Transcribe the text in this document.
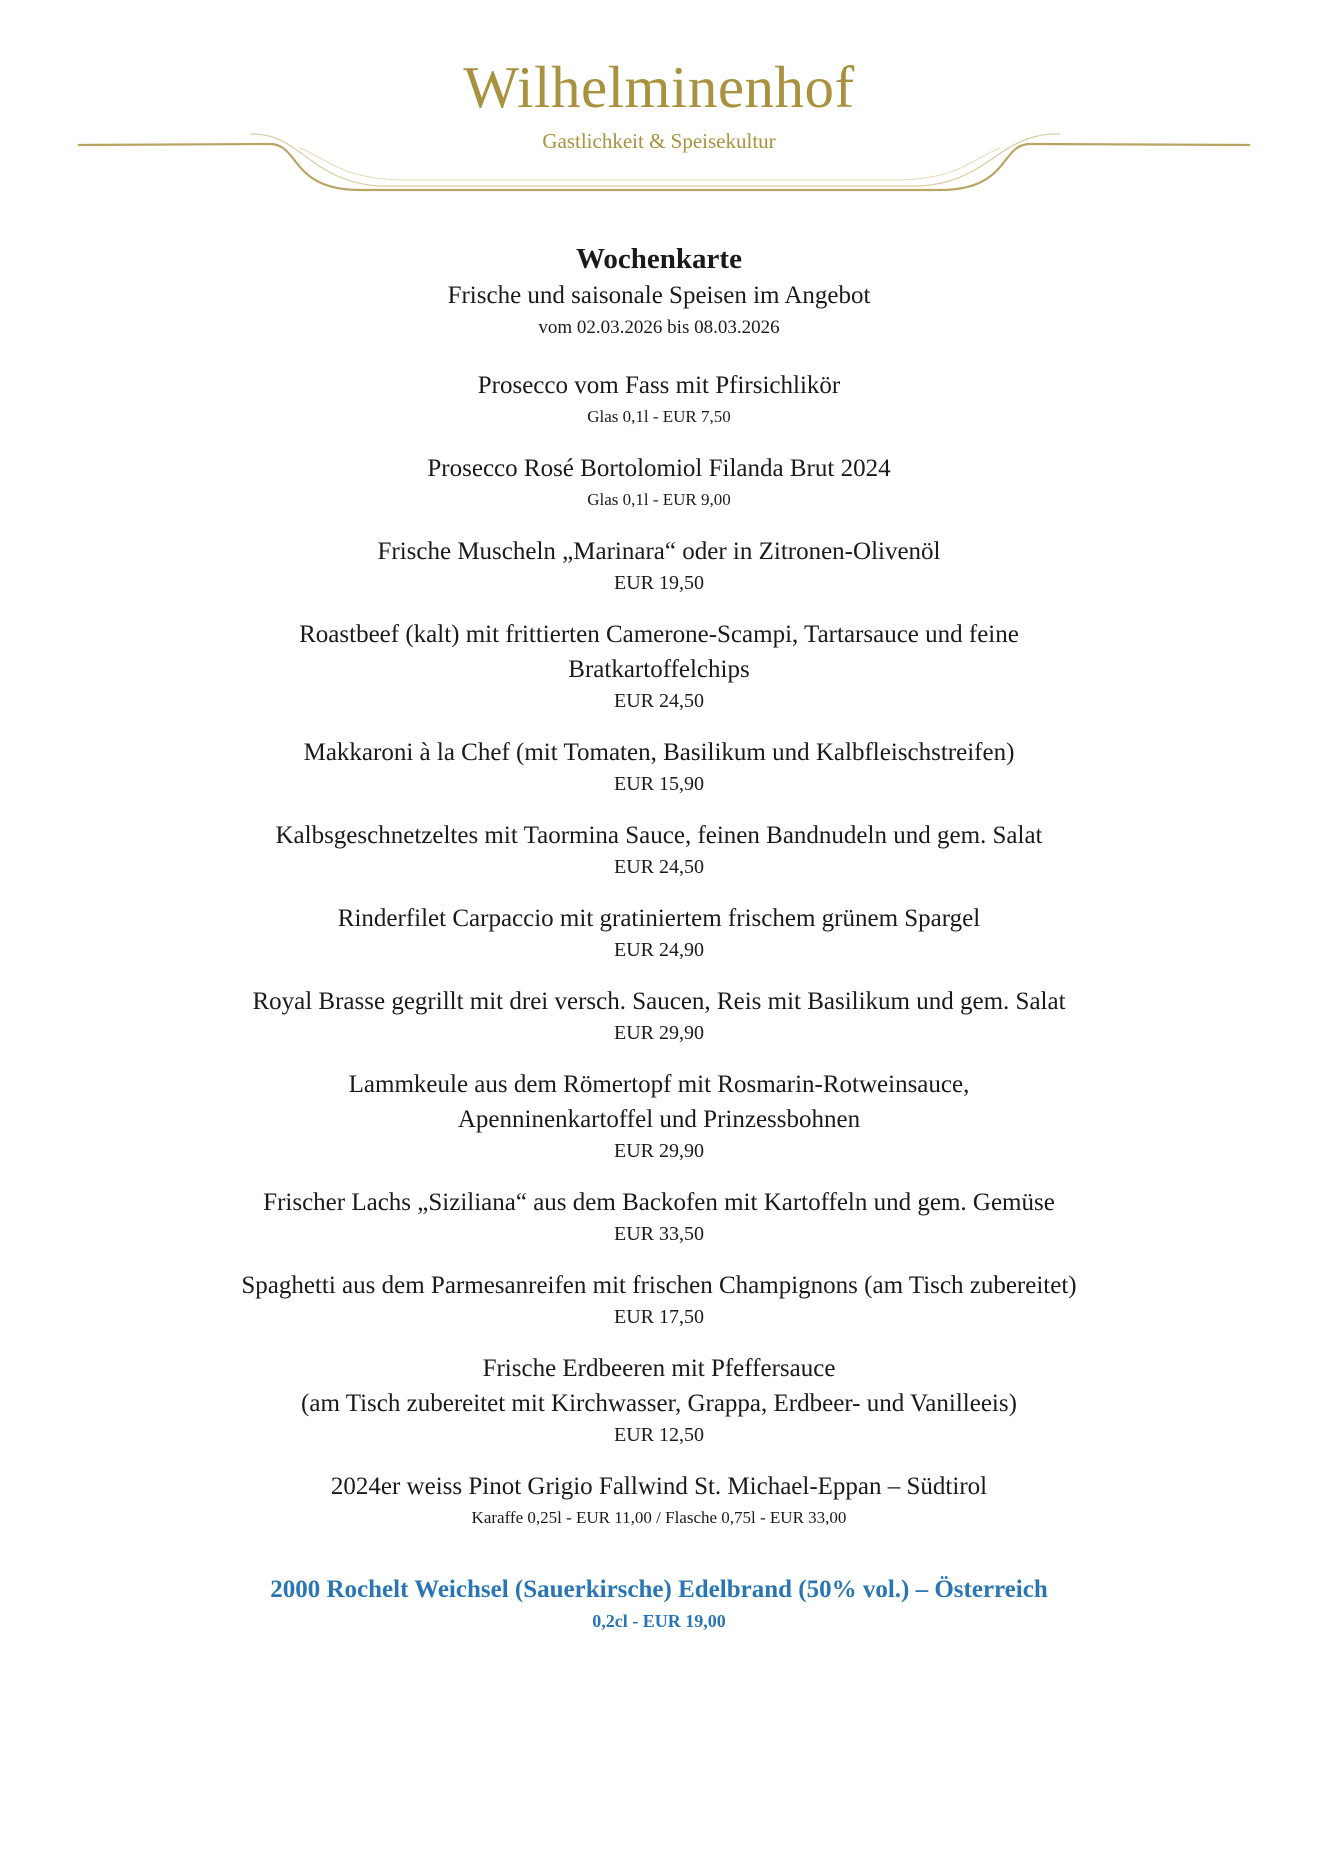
Wilhelminenhof
Gastlichkeit & Speisekultur

Wochenkarte

Frische und saisonale Speisen im Angebot

vom 02.03.2026 bis 08.03.2026

Prosecco vom Fass mit Pfirsichlikör

Glas 0,1l - EUR 7,50

Prosecco Rosé Bortolomiol Filanda Brut 2024

Glas 0,1l - EUR 9,00

Frische Muscheln „Marinara“ oder in Zitronen-Olivenöl

EUR 19,50

Roastbeef (kalt) mit frittierten Camerone-Scampi, Tartarsauce und feine Bratkartoffelchips

EUR 24,50

Makkaroni à la Chef (mit Tomaten, Basilikum und Kalbfleischstreifen)

EUR 15,90

Kalbsgeschnetzeltes mit Taormina Sauce, feinen Bandnudeln und gem. Salat

EUR 24,50

Rinderfilet Carpaccio mit gratiniertem frischem grünem Spargel

EUR 24,90

Royal Brasse gegrillt mit drei versch. Saucen, Reis mit Basilikum und gem. Salat

EUR 29,90

Lammkeule aus dem Römertopf mit Rosmarin-Rotweinsauce, Apenninenkartoffel und Prinzessbohnen

EUR 29,90

Frischer Lachs „Siziliana“ aus dem Backofen mit Kartoffeln und gem. Gemüse

EUR 33,50

Spaghetti aus dem Parmesanreifen mit frischen Champignons (am Tisch zubereitet)

EUR 17,50

Frische Erdbeeren mit Pfeffersauce

(am Tisch zubereitet mit Kirchwasser, Grappa, Erdbeer- und Vanilleeis)

EUR 12,50

2024er weiss Pinot Grigio Fallwind St. Michael-Eppan – Südtirol

Karaffe 0,25l - EUR 11,00 / Flasche 0,75l - EUR 33,00

2000 Rochelt Weichsel (Sauerkirsche) Edelbrand (50% vol.) – Österreich
0,2cl - EUR 19,00
